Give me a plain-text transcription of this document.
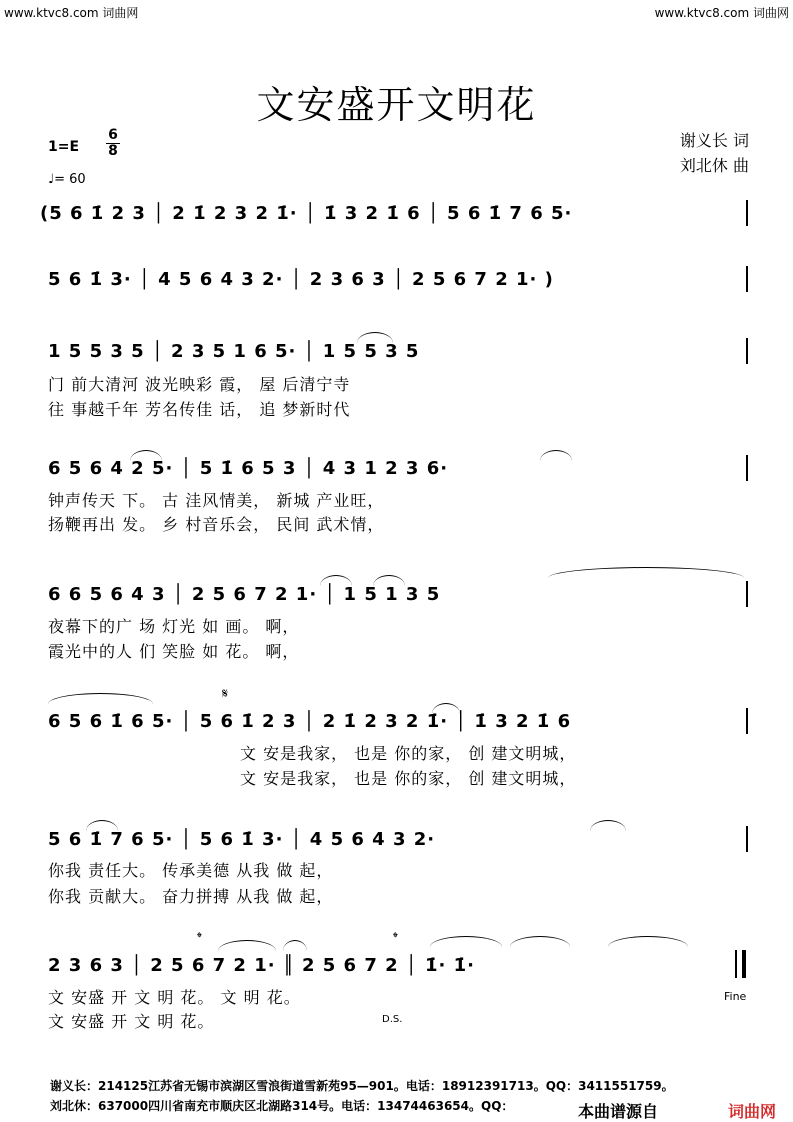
www.ktvc8.com 词曲网	www.ktvc8.com 词曲网
文安盛开文明花
谢义长 词
刘北休 曲
$1=E \frac{6}{8}$
♩= 60
(5 6 1̇ 2 3 │ 2 1̇ 2 3 2 1̇· │ 1̇ 3 2 1̇ 6 │ 5 6 1̇ 7 6 5·
5 6 1̇ 3· │ 4 5 6 4 3 2· │ 2 3 6 3 │ 2 5 6 7 2 1· )
1 5 5 3 5 │ 2 3 5 1 6 5· │ 1 5 5 3 5
门 前大清河 波光映彩 霞， 屋 后清宁寺
往 事越千年 芳名传佳 话， 追 梦新时代
6 5 6 4 2 5· │ 5 1̇ 6 5 3 │ 4 3 1 2 3 6·
钟声传天 下。 古 洼风情美， 新城 产业旺，
扬鞭再出 发。 乡 村音乐会， 民间 武术情，
6 6 5 6 4 3 │ 2 5 6 7 2 1· │ 1 5 1 3 5
夜幕下的广 场 灯光 如 画。 啊，
霞光中的人 们 笑脸 如 花。 啊，
𝄋
6 5 6 1̇ 6 5· │ 5 6 1̇ 2 3 │ 2 1̇ 2 3 2 1̇· │ 1̇ 3 2 1̇ 6
文 安是我家， 也是 你的家， 创 建文明城，
文 安是我家， 也是 你的家， 创 建文明城，
5 6 1̇ 7 6 5· │ 5 6 1̇ 3· │ 4 5 6 4 3 2·
你我 责任大。 传承美德 从我 做 起，
你我 贡献大。 奋力拼搏 从我 做 起，
𝄌	𝄌
2 3 6 3 │ 2 5 6 7 2 1· ║ 2 5 6 7 2 │ 1̇· 1̇·
文 安盛 开 文 明 花。 文 明 花。
文 安盛 开 文 明 花。
Fine
D.S.
谢义长：214125江苏省无锡市滨湖区雪浪街道雪新苑95—901。电话：18912391713。QQ：3411551759。
刘北休：637000四川省南充市顺庆区北湖路314号。电话：13474463654。QQ：	本曲谱源自	词曲网
